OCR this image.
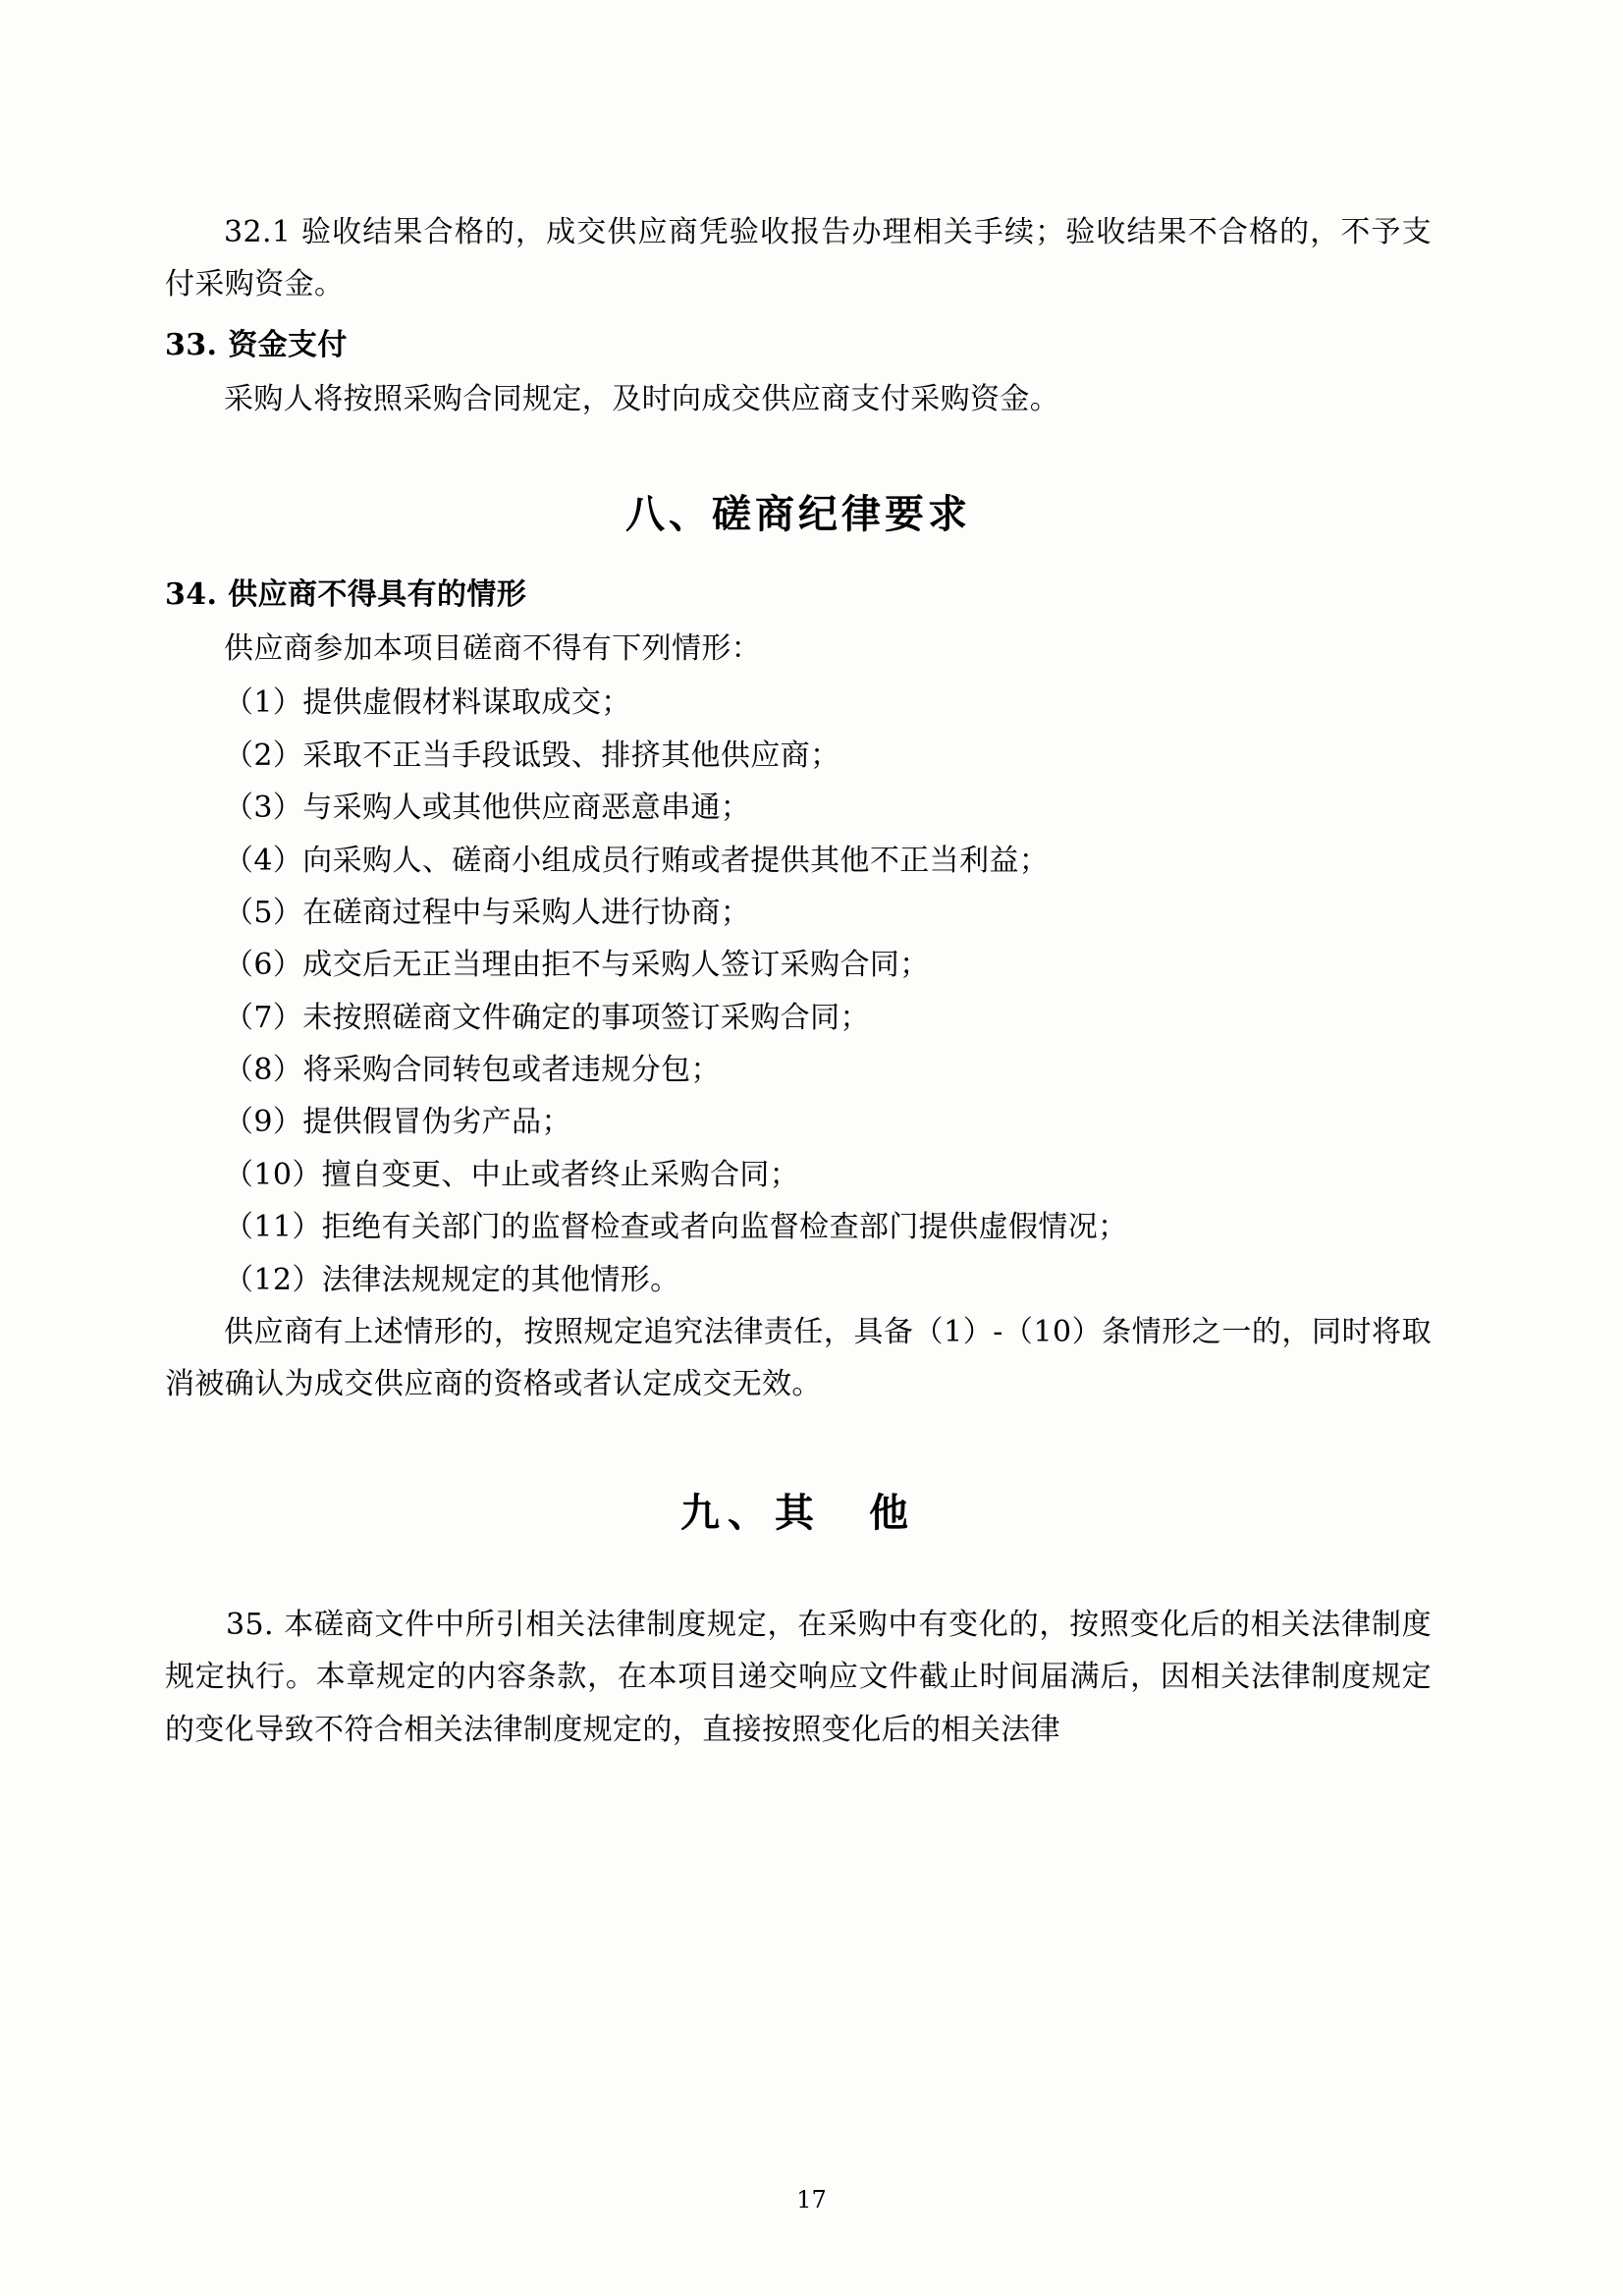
32.1 验收结果合格的，成交供应商凭验收报告办理相关手续；验收结果不合格的，不予支付采购资金。

33. 资金支付

采购人将按照采购合同规定，及时向成交供应商支付采购资金。

八、磋商纪律要求

34. 供应商不得具有的情形

供应商参加本项目磋商不得有下列情形：

（1）提供虚假材料谋取成交；

（2）采取不正当手段诋毁、排挤其他供应商；

（3）与采购人或其他供应商恶意串通；

（4）向采购人、磋商小组成员行贿或者提供其他不正当利益；

（5）在磋商过程中与采购人进行协商；

（6）成交后无正当理由拒不与采购人签订采购合同；

（7）未按照磋商文件确定的事项签订采购合同；

（8）将采购合同转包或者违规分包；

（9）提供假冒伪劣产品；

（10）擅自变更、中止或者终止采购合同；

（11）拒绝有关部门的监督检查或者向监督检查部门提供虚假情况；

（12）法律法规规定的其他情形。

供应商有上述情形的，按照规定追究法律责任，具备（1）-（10）条情形之一的，同时将取消被确认为成交供应商的资格或者认定成交无效。

九、其　他

35. 本磋商文件中所引相关法律制度规定，在采购中有变化的，按照变化后的相关法律制度规定执行。本章规定的内容条款，在本项目递交响应文件截止时间届满后，因相关法律制度规定的变化导致不符合相关法律制度规定的，直接按照变化后的相关法律

17
